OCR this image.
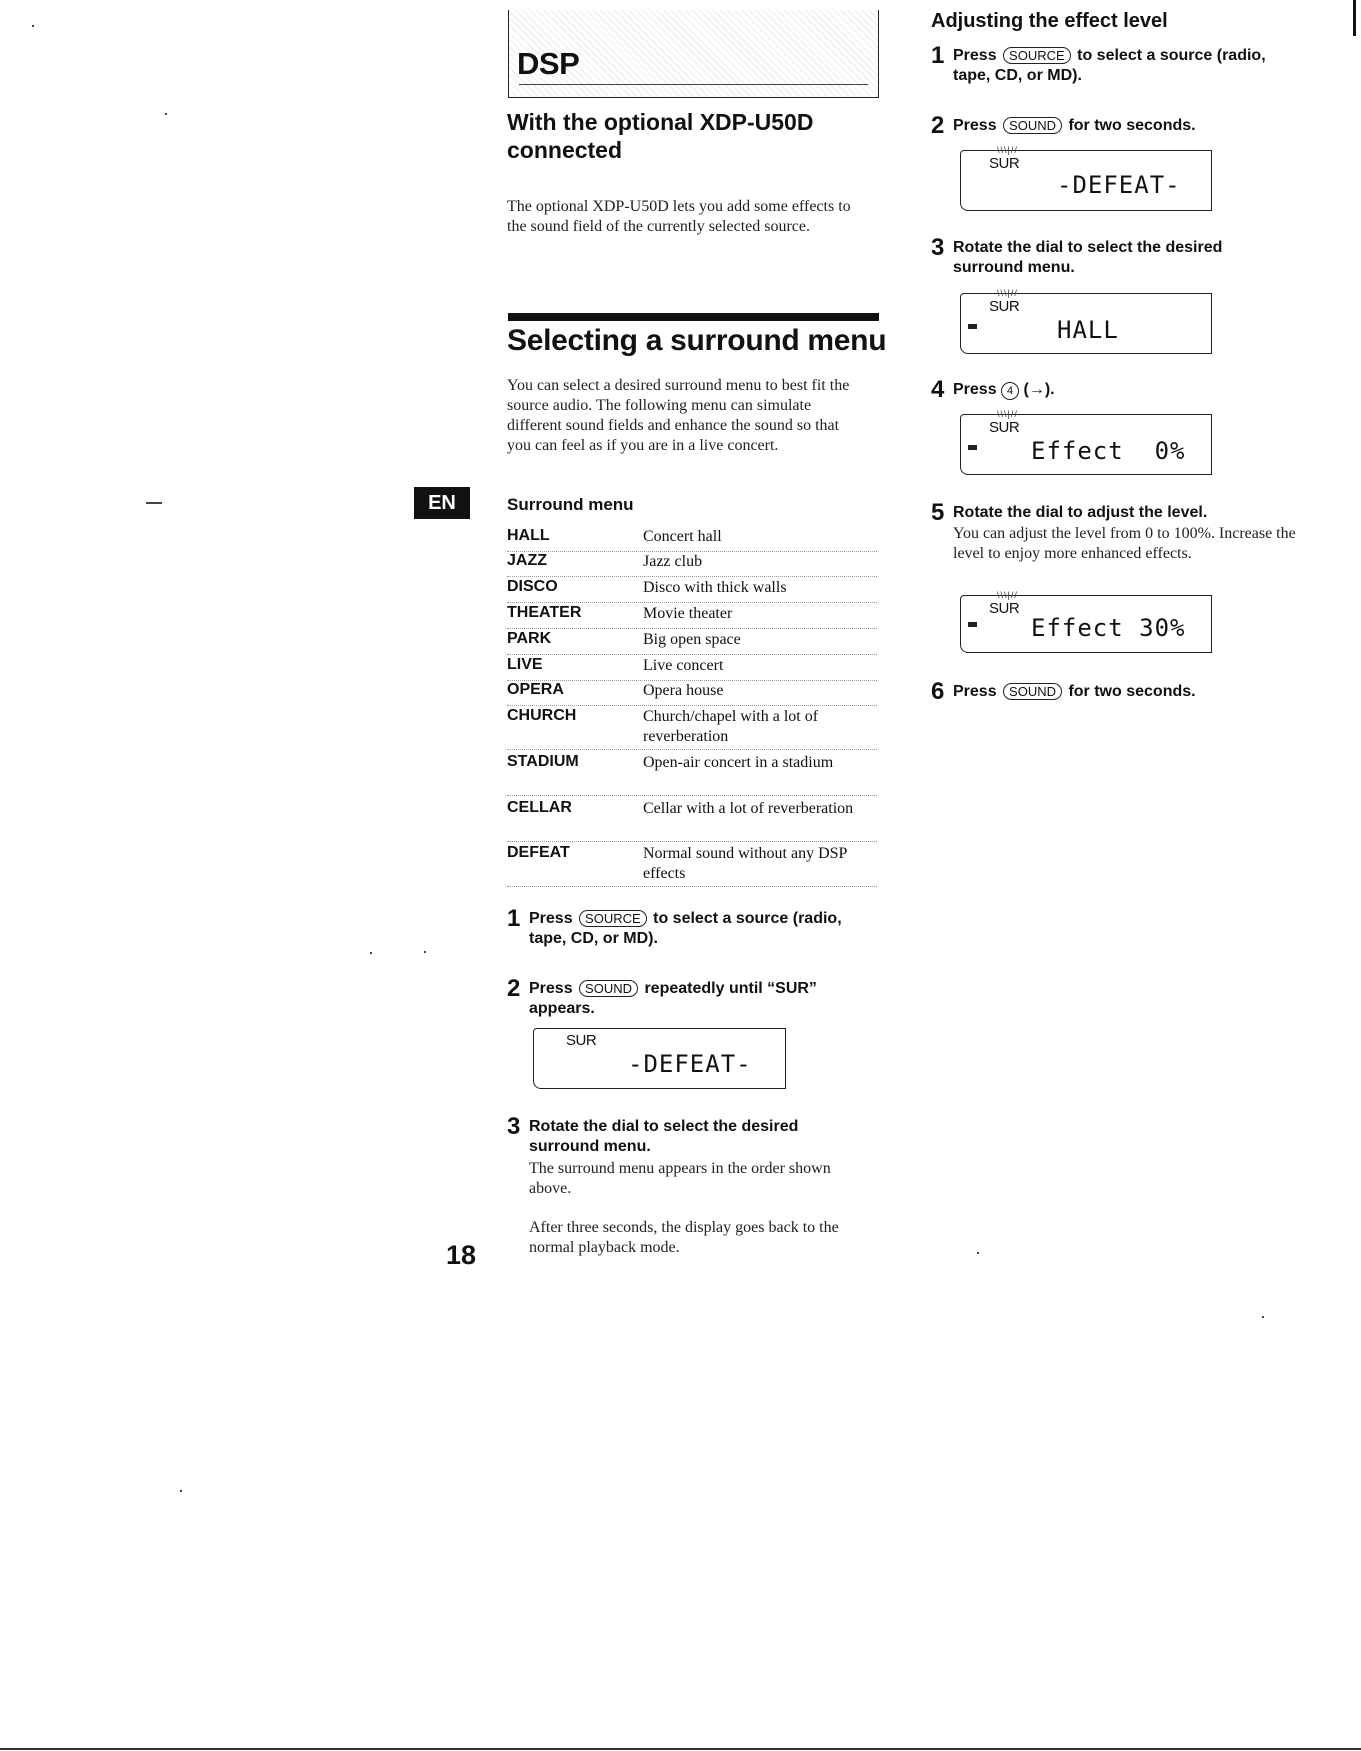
DSP
With the optional XDP-U50D connected
The optional XDP-U50D lets you add some effects to the sound field of the currently selected source.
Selecting a surround menu
You can select a desired surround menu to best fit the source audio. The following menu can simulate different sound fields and enhance the sound so that you can feel as if you are in a live concert.
EN	Surround menu
HALL	Concert hall
JAZZ	Jazz club
DISCO	Disco with thick walls
THEATER	Movie theater
PARK	Big open space
LIVE	Live concert
OPERA	Opera house
CHURCH	Church/chapel with a lot of reverberation
STADIUM	Open-air concert in a stadium
CELLAR	Cellar with a lot of reverberation
DEFEAT	Normal sound without any DSP effects
1 Press SOURCE to select a source (radio, tape, CD, or MD).
2 Press SOUND repeatedly until “SUR” appears.
SUR
-DEFEAT-
3 Rotate the dial to select the desired surround menu.
The surround menu appears in the order shown above.
After three seconds, the display goes back to the normal playback mode.
18
Adjusting the effect level
1 Press SOURCE to select a source (radio, tape, CD, or MD).
2 Press SOUND for two seconds.
\\\|//
SUR
-DEFEAT-
3 Rotate the dial to select the desired surround menu.
\\\|//
SUR
HALL
4 Press 4 (→).
\\\|//
SUR
Effect  0%
5 Rotate the dial to adjust the level.
You can adjust the level from 0 to 100%. Increase the level to enjoy more enhanced effects.
\\\|//
SUR
Effect 30%
6 Press SOUND for two seconds.
